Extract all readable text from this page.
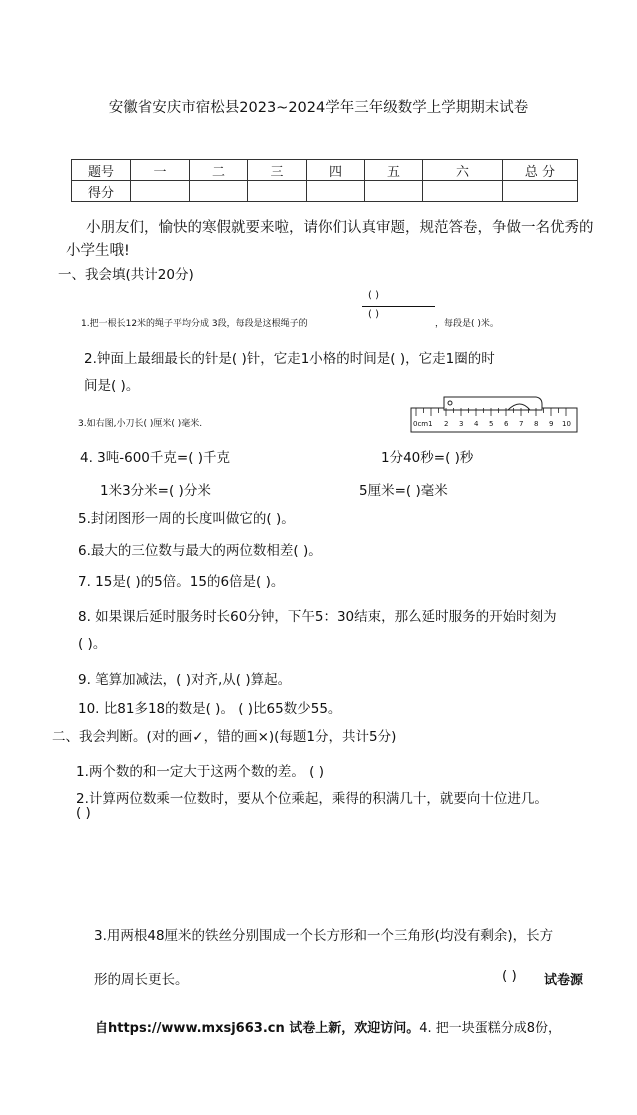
安徽省安庆市宿松县2023~2024学年三年级数学上学期期末试卷
题号	一	二	三	四	五	六	总 分
得分							
小朋友们，愉快的寒假就要来啦，请你们认真审题，规范答卷，争做一名优秀的
小学生哦!
一、我会填(共计20分)
1.把一根长12米的绳子平均分成 3段，每段是这根绳子的
( )
( )
，每段是( )米。
2.钟面上最细最长的针是( )针，它走1小格的时间是( )，它走1圈的时
间是( )。
3.如右图,小刀长( )厘米( )毫米.	0cm1 2 3 4 5 6 7 8 9 10
4. 3吨-600千克=( )千克	1分40秒=( )秒
1米3分米=( )分米	5厘米=( )毫米
5.封闭图形一周的长度叫做它的( )。
6.最大的三位数与最大的两位数相差( )。
7. 15是( )的5倍。15的6倍是( )。
8. 如果课后延时服务时长60分钟，下午5：30结束，那么延时服务的开始时刻为
( )。
9. 笔算加减法，( )对齐,从( )算起。
10. 比81多18的数是( )。 ( )比65数少55。
二、我会判断。(对的画✓，错的画×)(每题1分，共计5分)
1.两个数的和一定大于这两个数的差。 ( )
2.计算两位数乘一位数时，要从个位乘起，乘得的积满几十，就要向十位进几。
( )
3.用两根48厘米的铁丝分别围成一个长方形和一个三角形(均没有剩余)，长方
形的周长更长。	( ) 试卷源
自https://www.mxsj663.cn 试卷上新，欢迎访问。4. 把一块蛋糕分成8份，
